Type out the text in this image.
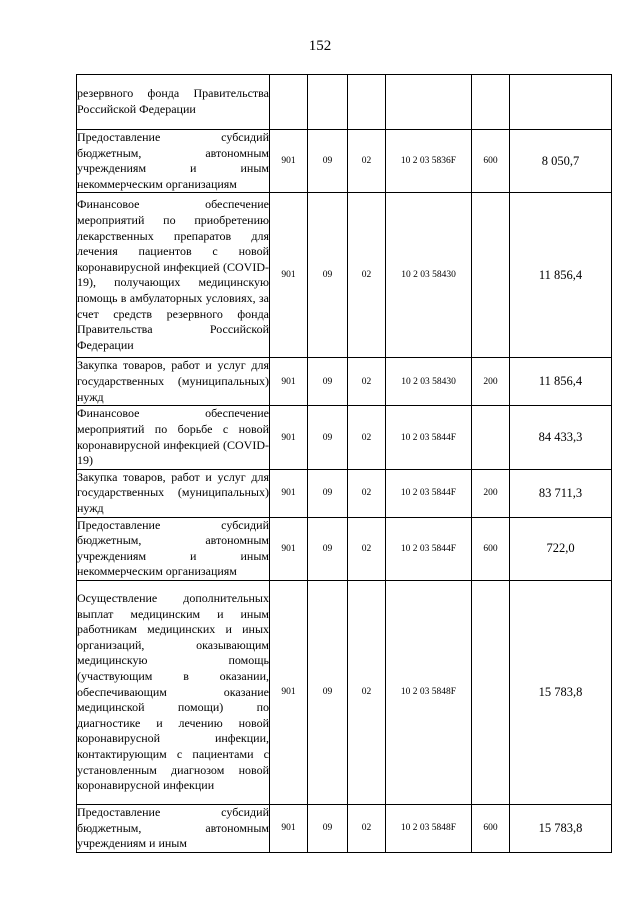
152
резервного фонда Правительства Российской Федерации						

Предоставление субсидий бюджетным, автономным учреждениям и иным некоммерческим организациям	901	09	02	10 2 03 5836F	600	8 050,7

Финансовое обеспечение мероприятий по приобретению лекарственных препаратов для лечения пациентов с новой коронавирусной инфекцией (COVID-19), получающих медицинскую помощь в амбулаторных условиях, за счет средств резервного фонда Правительства Российской Федерации	901	09	02	10 2 03 58430		11 856,4

Закупка товаров, работ и услуг для государственных (муниципальных) нужд	901	09	02	10 2 03 58430	200	11 856,4

Финансовое обеспечение мероприятий по борьбе с новой коронавирусной инфекцией (COVID-19)	901	09	02	10 2 03 5844F		84 433,3

Закупка товаров, работ и услуг для государственных (муниципальных) нужд	901	09	02	10 2 03 5844F	200	83 711,3

Предоставление субсидий бюджетным, автономным учреждениям и иным некоммерческим организациям	901	09	02	10 2 03 5844F	600	722,0

Осуществление дополнительных выплат медицинским и иным работникам медицинских и иных организаций, оказывающим медицинскую помощь (участвующим в оказании, обеспечивающим оказание медицинской помощи) по диагностике и лечению новой коронавирусной инфекции, контактирующим с пациентами с установленным диагнозом новой коронавирусной инфекции	901	09	02	10 2 03 5848F		15 783,8

Предоставление субсидий бюджетным, автономным учреждениям и иным	901	09	02	10 2 03 5848F	600	15 783,8
